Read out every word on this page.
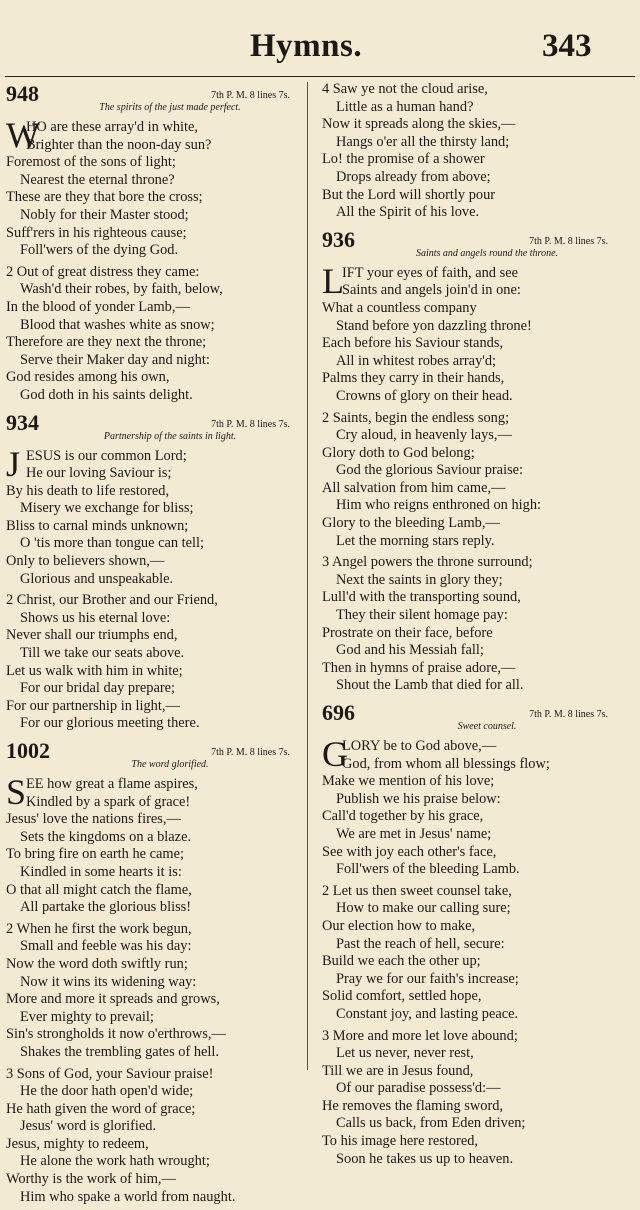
Hymns.	343
948	7th P. M. 8 lines 7s.
The spirits of the just made perfect.
W
HO are these array'd in white,
Brighter than the noon-day sun?
Foremost of the sons of light;
Nearest the eternal throne?
These are they that bore the cross;
Nobly for their Master stood;
Suff'rers in his righteous cause;
Foll'wers of the dying God.
2 Out of great distress they came:
Wash'd their robes, by faith, below,
In the blood of yonder Lamb,—
Blood that washes white as snow;
Therefore are they next the throne;
Serve their Maker day and night:
God resides among his own,
God doth in his saints delight.
934	7th P. M. 8 lines 7s.
Partnership of the saints in light.
J ESUS is our common Lord;
He our loving Saviour is;
By his death to life restored,
Misery we exchange for bliss;
Bliss to carnal minds unknown;
O 'tis more than tongue can tell;
Only to believers shown,—
Glorious and unspeakable.
2 Christ, our Brother and our Friend,
Shows us his eternal love:
Never shall our triumphs end,
Till we take our seats above.
Let us walk with him in white;
For our bridal day prepare;
For our partnership in light,—
For our glorious meeting there.
1002	7th P. M. 8 lines 7s.
The word glorified.
S EE how great a flame aspires,
Kindled by a spark of grace!
Jesus' love the nations fires,—
Sets the kingdoms on a blaze.
To bring fire on earth he came;
Kindled in some hearts it is:
O that all might catch the flame,
All partake the glorious bliss!
2 When he first the work begun,
Small and feeble was his day:
Now the word doth swiftly run;
Now it wins its widening way:
More and more it spreads and grows,
Ever mighty to prevail;
Sin's strongholds it now o'erthrows,—
Shakes the trembling gates of hell.
3 Sons of God, your Saviour praise!
He the door hath open'd wide;
He hath given the word of grace;
Jesus' word is glorified.
Jesus, mighty to redeem,
He alone the work hath wrought;
Worthy is the work of him,—
Him who spake a world from naught.
4 Saw ye not the cloud arise,
Little as a human hand?
Now it spreads along the skies,—
Hangs o'er all the thirsty land;
Lo! the promise of a shower
Drops already from above;
But the Lord will shortly pour
All the Spirit of his love.
936	7th P. M. 8 lines 7s.
Saints and angels round the throne.
L
IFT your eyes of faith, and see
Saints and angels join'd in one:
What a countless company
Stand before yon dazzling throne!
Each before his Saviour stands,
All in whitest robes array'd;
Palms they carry in their hands,
Crowns of glory on their head.
2 Saints, begin the endless song;
Cry aloud, in heavenly lays,—
Glory doth to God belong;
God the glorious Saviour praise:
All salvation from him came,—
Him who reigns enthroned on high:
Glory to the bleeding Lamb,—
Let the morning stars reply.
3 Angel powers the throne surround;
Next the saints in glory they;
Lull'd with the transporting sound,
They their silent homage pay:
Prostrate on their face, before
God and his Messiah fall;
Then in hymns of praise adore,—
Shout the Lamb that died for all.
696	7th P. M. 8 lines 7s.
Sweet counsel.
G
LORY be to God above,—
God, from whom all blessings flow;
Make we mention of his love;
Publish we his praise below:
Call'd together by his grace,
We are met in Jesus' name;
See with joy each other's face,
Foll'wers of the bleeding Lamb.
2 Let us then sweet counsel take,
How to make our calling sure;
Our election how to make,
Past the reach of hell, secure:
Build we each the other up;
Pray we for our faith's increase;
Solid comfort, settled hope,
Constant joy, and lasting peace.
3 More and more let love abound;
Let us never, never rest,
Till we are in Jesus found,
Of our paradise possess'd:—
He removes the flaming sword,
Calls us back, from Eden driven;
To his image here restored,
Soon he takes us up to heaven.
